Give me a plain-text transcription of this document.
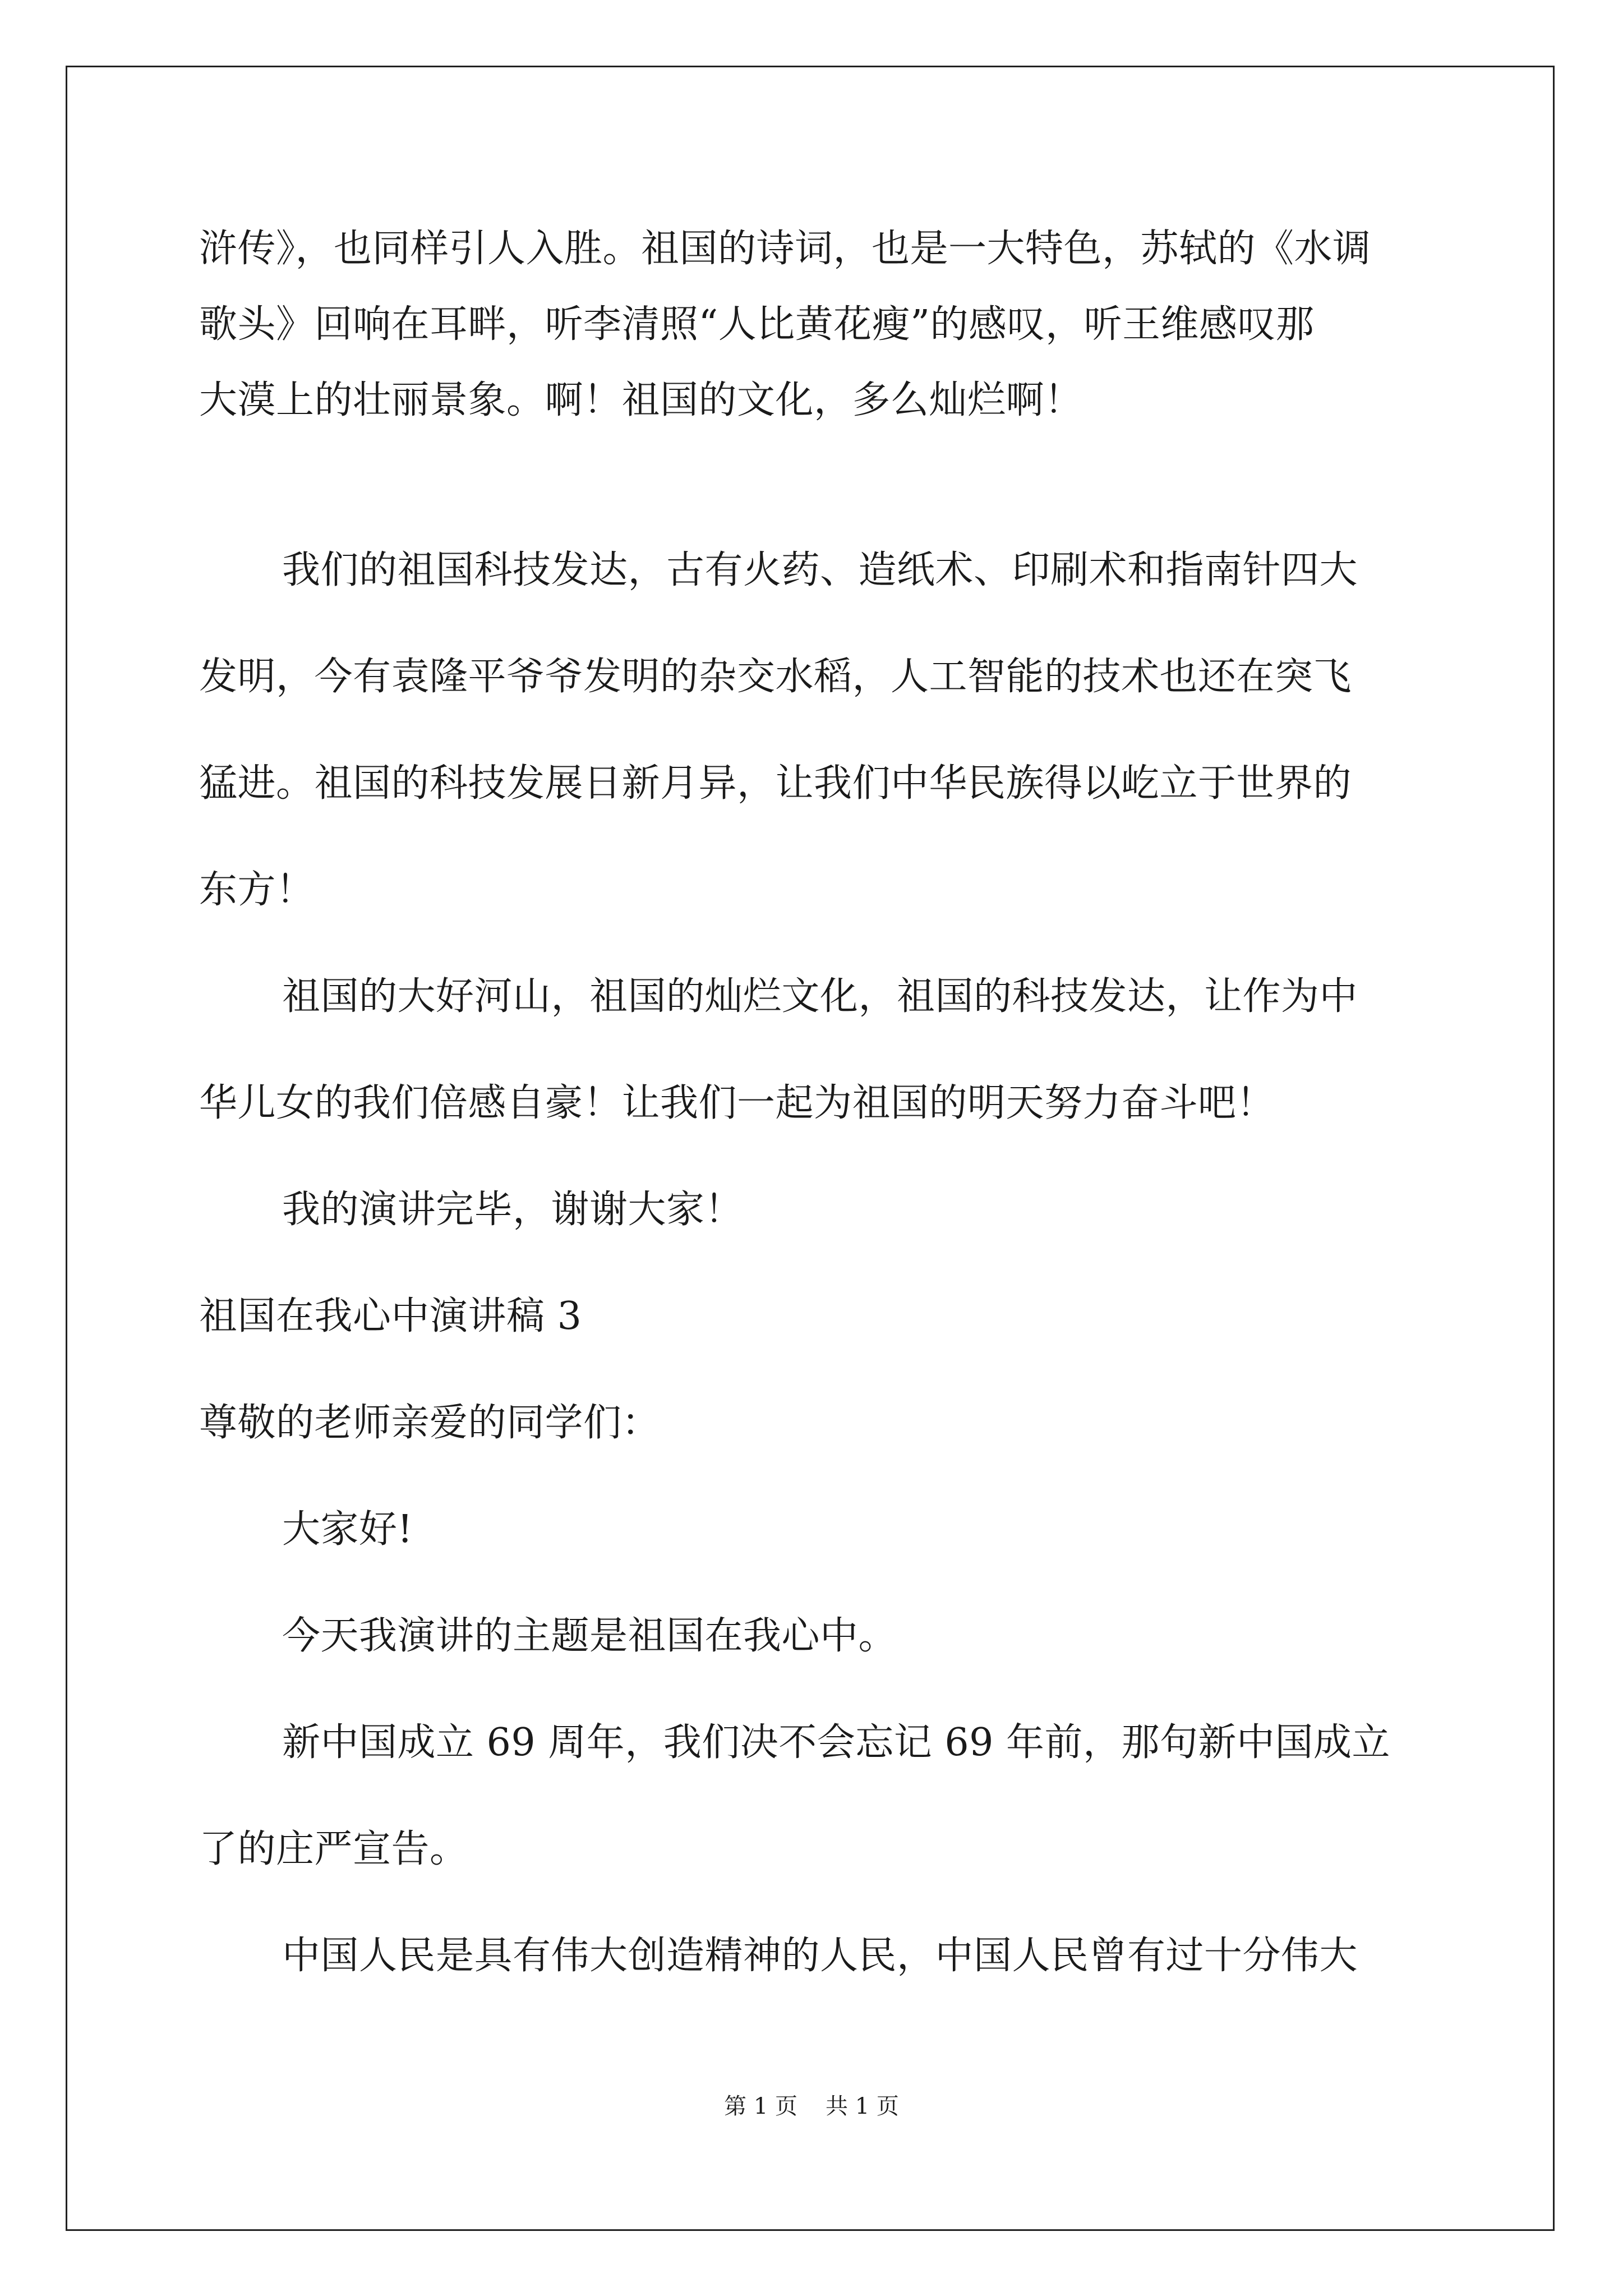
浒传》，也同样引人入胜。祖国的诗词，也是一大特色，苏轼的《水调
歌头》回响在耳畔，听李清照“人比黄花瘦”的感叹，听王维感叹那
大漠上的壮丽景象。啊！祖国的文化，多么灿烂啊！
我们的祖国科技发达，古有火药、造纸术、印刷术和指南针四大
发明，今有袁隆平爷爷发明的杂交水稻，人工智能的技术也还在突飞
猛进。祖国的科技发展日新月异，让我们中华民族得以屹立于世界的
东方！
祖国的大好河山，祖国的灿烂文化，祖国的科技发达，让作为中
华儿女的我们倍感自豪！让我们一起为祖国的明天努力奋斗吧！
我的演讲完毕，谢谢大家！
祖国在我心中演讲稿 3
尊敬的老师亲爱的同学们：
大家好!
今天我演讲的主题是祖国在我心中。
新中国成立 69 周年，我们决不会忘记 69 年前，那句新中国成立
了的庄严宣告。
中国人民是具有伟大创造精神的人民，中国人民曾有过十分伟大
第 1 页 共 1 页
